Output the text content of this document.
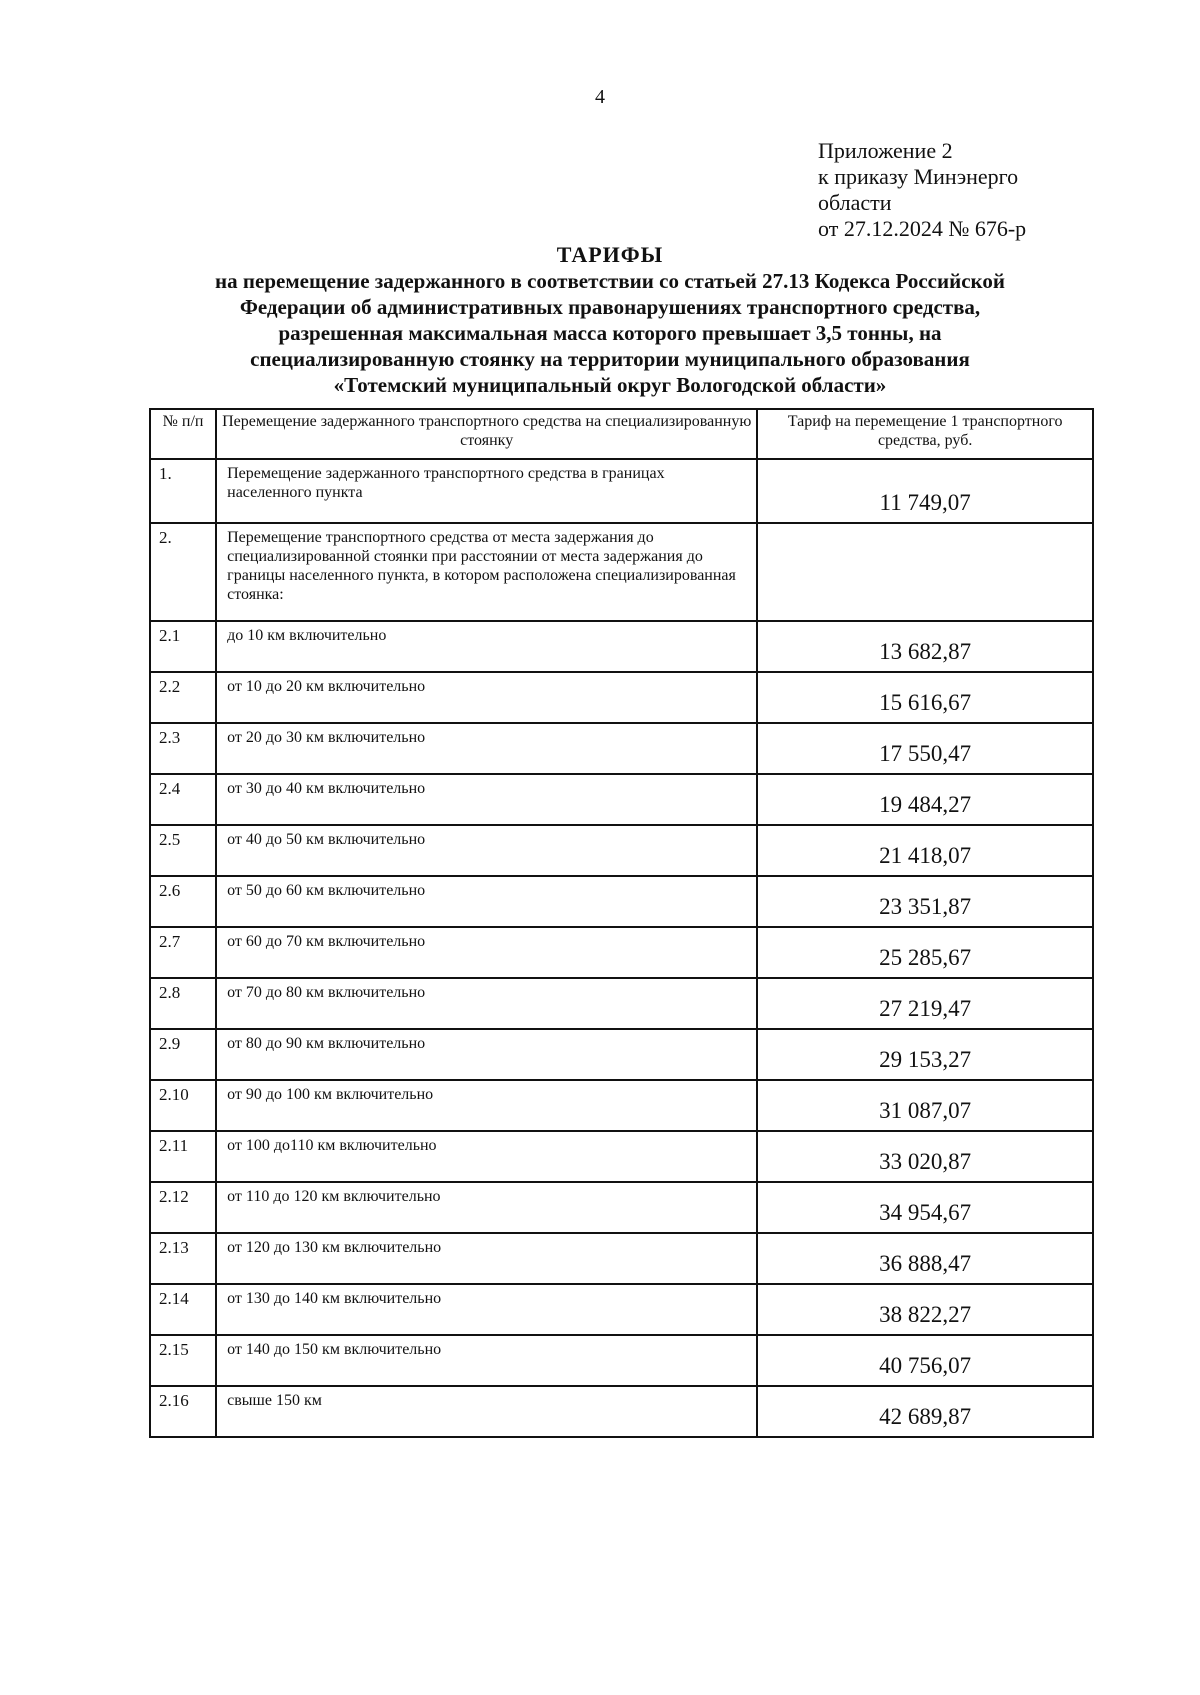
4
Приложение 2
к приказу Минэнерго
области
от 27.12.2024 № 676-р
ТАРИФЫ
на перемещение задержанного в соответствии со статьей 27.13 Кодекса Российской
Федерации об административных правонарушениях транспортного средства,
разрешенная максимальная масса которого превышает 3,5 тонны, на
специализированную стоянку на территории муниципального образования
«Тотемский муниципальный округ Вологодской области»
№ п/п	Перемещение задержанного транспортного средства на специализированную стоянку	Тариф на перемещение 1 транспортного средства, руб.
1.	Перемещение задержанного транспортного средства в границах населенного пункта	11 749,07
2.	Перемещение транспортного средства от места задержания до специализированной стоянки при расстоянии от места задержания до границы населенного пункта, в котором расположена специализированная стоянка:	
2.1	до 10 км включительно	13 682,87
2.2	от 10 до 20 км включительно	15 616,67
2.3	от 20 до 30 км включительно	17 550,47
2.4	от 30 до 40 км включительно	19 484,27
2.5	от 40 до 50 км включительно	21 418,07
2.6	от 50 до 60 км включительно	23 351,87
2.7	от 60 до 70 км включительно	25 285,67
2.8	от 70 до 80 км включительно	27 219,47
2.9	от 80 до 90 км включительно	29 153,27
2.10	от 90 до 100 км включительно	31 087,07
2.11	от 100 до110 км включительно	33 020,87
2.12	от 110 до 120 км включительно	34 954,67
2.13	от 120 до 130 км включительно	36 888,47
2.14	от 130 до 140 км включительно	38 822,27
2.15	от 140 до 150 км включительно	40 756,07
2.16	свыше 150 км	42 689,87
